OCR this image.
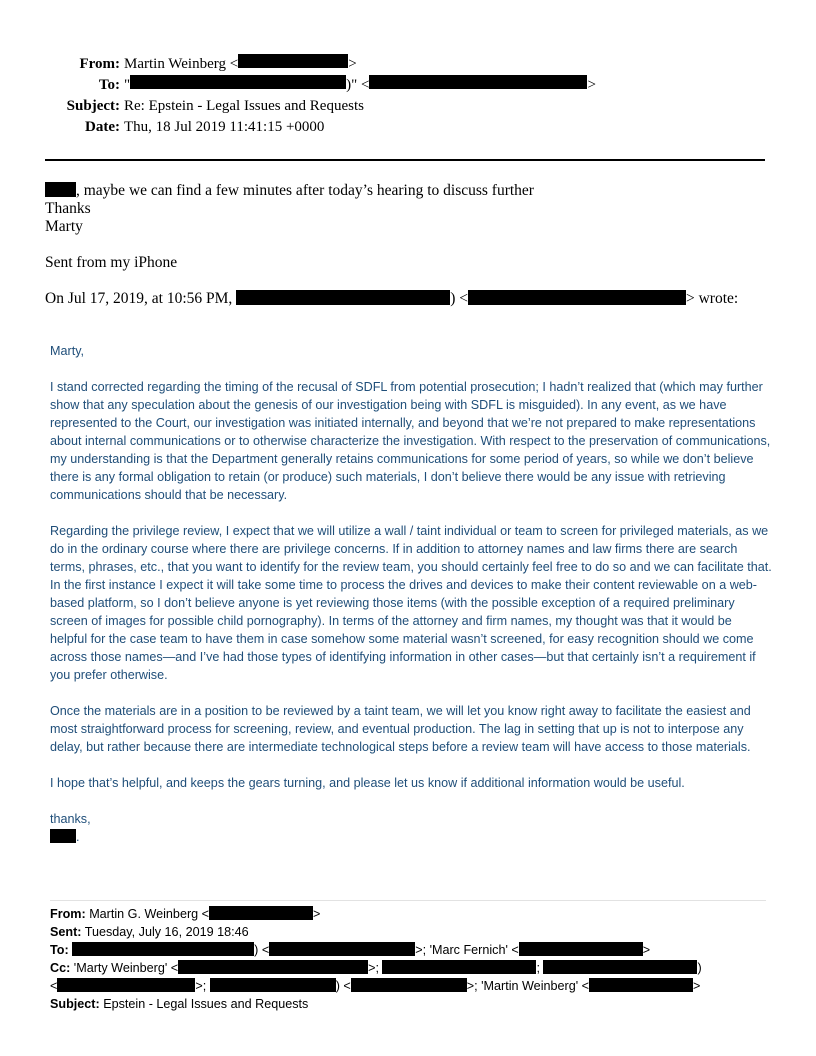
From: Martin Weinberg <	>
To: "	)" <	>
Subject: Re: Epstein - Legal Issues and Requests
Date: Thu, 18 Jul 2019 11:41:15 +0000
, maybe we can find a few minutes after today’s hearing to discuss further
Thanks
Marty
Sent from my iPhone
On Jul 17, 2019, at 10:56 PM,	) <	> wrote:

Marty,

I stand corrected regarding the timing of the recusal of SDFL from potential prosecution; I hadn’t realized that (which may further show that any speculation about the genesis of our investigation being with SDFL is misguided). In any event, as we have represented to the Court, our investigation was initiated internally, and beyond that we’re not prepared to make representations about internal communications or to otherwise characterize the investigation. With respect to the preservation of communications, my understanding is that the Department generally retains communications for some period of years, so while we don’t believe there is any formal obligation to retain (or produce) such materials, I don’t believe there would be any issue with retrieving communications should that be necessary.

Regarding the privilege review, I expect that we will utilize a wall / taint individual or team to screen for privileged materials, as we do in the ordinary course where there are privilege concerns. If in addition to attorney names and law firms there are search terms, phrases, etc., that you want to identify for the review team, you should certainly feel free to do so and we can facilitate that. In the first instance I expect it will take some time to process the drives and devices to make their content reviewable on a web-based platform, so I don’t believe anyone is yet reviewing those items (with the possible exception of a required preliminary screen of images for possible child pornography). In terms of the attorney and firm names, my thought was that it would be helpful for the case team to have them in case somehow some material wasn’t screened, for easy recognition should we come across those names—and I’ve had those types of identifying information in other cases—but that certainly isn’t a requirement if you prefer otherwise.

Once the materials are in a position to be reviewed by a taint team, we will let you know right away to facilitate the easiest and most straightforward process for screening, review, and eventual production. The lag in setting that up is not to interpose any delay, but rather because there are intermediate technological steps before a review team will have access to those materials.

I hope that’s helpful, and keeps the gears turning, and please let us know if additional information would be useful.

thanks,

.

From: Martin G. Weinberg <	>
Sent: Tuesday, July 16, 2019 18:46
To:	) <	>; 'Marc Fernich' <	>
Cc: 'Marty Weinberg' <	>;	;	)
<	>;	) <	>; 'Martin Weinberg' <	>
Subject: Epstein - Legal Issues and Requests
